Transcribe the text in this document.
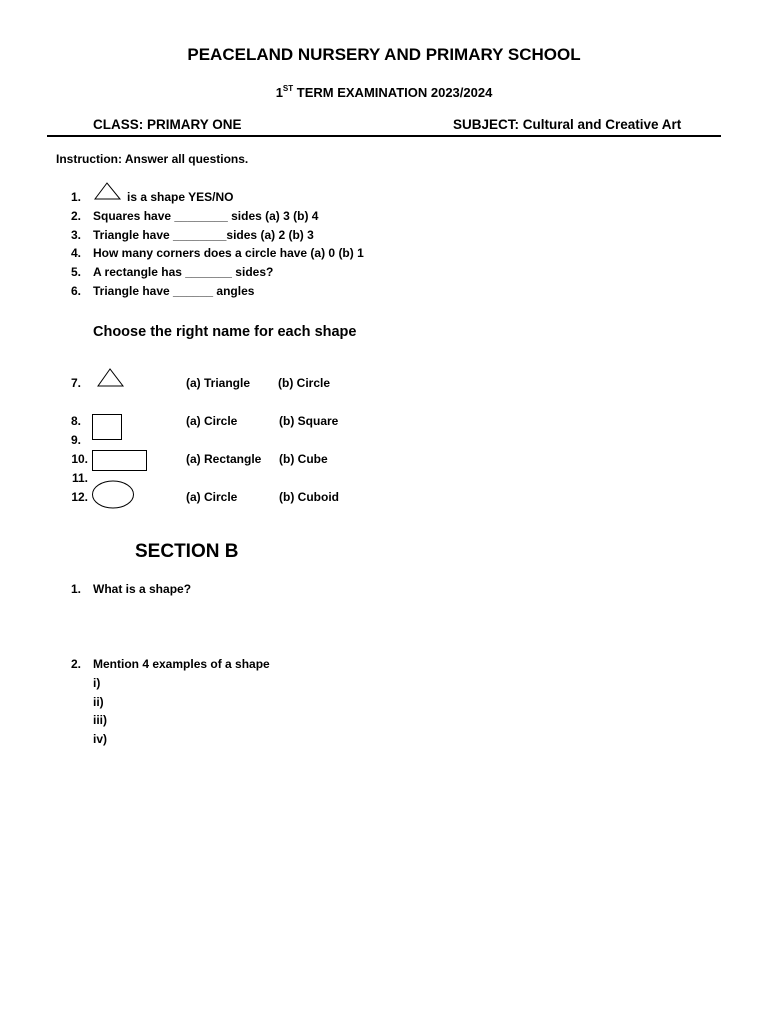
PEACELAND NURSERY AND PRIMARY SCHOOL
1ST TERM EXAMINATION 2023/2024
CLASS: PRIMARY ONE	SUBJECT: Cultural and Creative Art
Instruction: Answer all questions.
1.	is a shape YES/NO
2. Squares have ________ sides (a) 3 (b) 4
3. Triangle have ________sides (a) 2 (b) 3
4. How many corners does a circle have (a) 0 (b) 1
5. A rectangle has _______ sides?
6. Triangle have ______ angles
Choose the right name for each shape
7.	(a) Triangle (b) Circle
8.	(a) Circle	(b) Square
9.
10.	(a) Rectangle (b) Cube
11.
12.	(a) Circle	(b) Cuboid
SECTION B
1. What is a shape?
2. Mention 4 examples of a shape
i)
ii)
iii)
iv)
